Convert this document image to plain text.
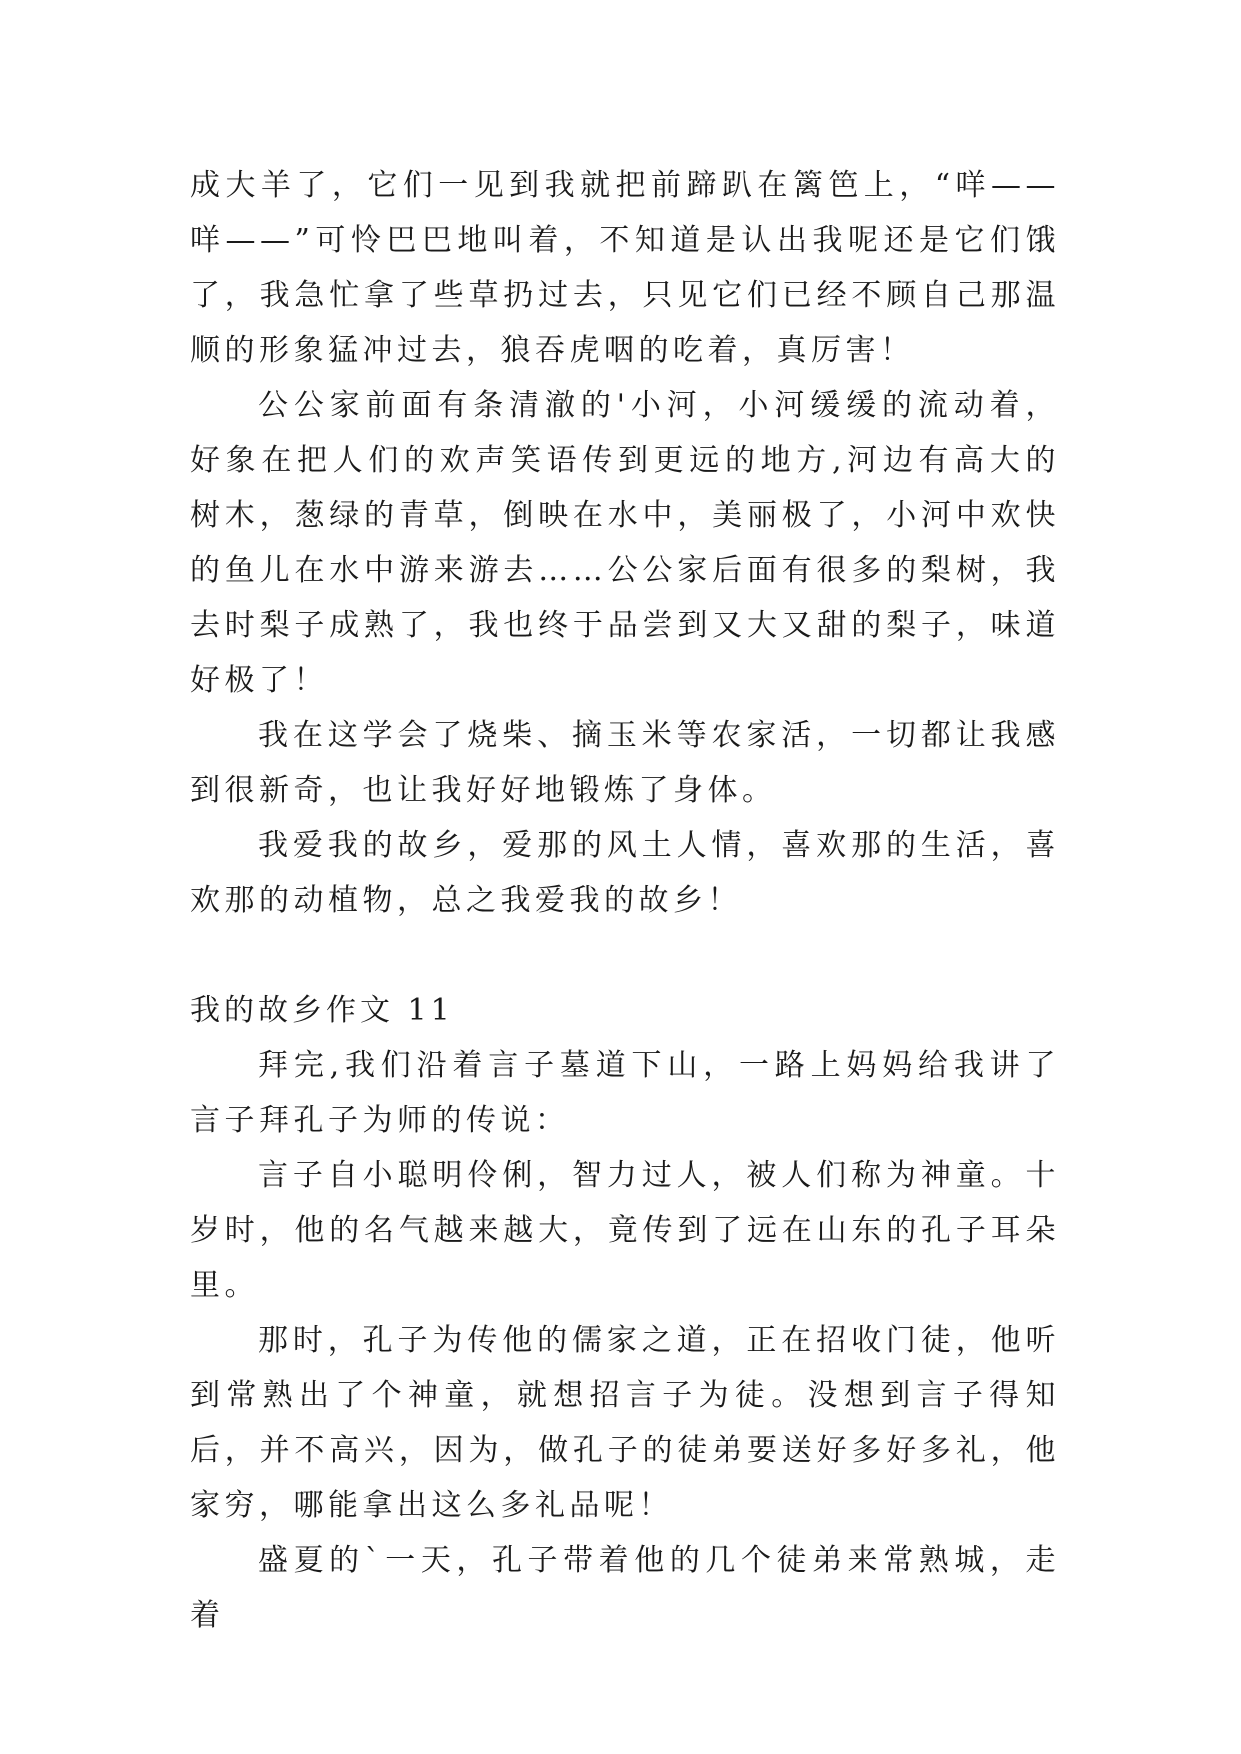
成大羊了，它们一见到我就把前蹄趴在篱笆上，“咩——咩——”可怜巴巴地叫着，不知道是认出我呢还是它们饿了，我急忙拿了些草扔过去，只见它们已经不顾自己那温顺的形象猛冲过去，狼吞虎咽的吃着，真厉害！

公公家前面有条清澈的'小河，小河缓缓的流动着，好象在把人们的欢声笑语传到更远的地方,河边有高大的树木，葱绿的青草，倒映在水中，美丽极了，小河中欢快的鱼儿在水中游来游去……公公家后面有很多的梨树，我去时梨子成熟了，我也终于品尝到又大又甜的梨子，味道好极了！

我在这学会了烧柴、摘玉米等农家活，一切都让我感到很新奇，也让我好好地锻炼了身体。

我爱我的故乡，爱那的风土人情，喜欢那的生活，喜欢那的动植物，总之我爱我的故乡！

我的故乡作文 11

拜完,我们沿着言子墓道下山，一路上妈妈给我讲了言子拜孔子为师的传说：

言子自小聪明伶俐，智力过人，被人们称为神童。十岁时，他的名气越来越大，竟传到了远在山东的孔子耳朵里。

那时，孔子为传他的儒家之道，正在招收门徒，他听到常熟出了个神童，就想招言子为徒。没想到言子得知后，并不高兴，因为，做孔子的徒弟要送好多好多礼，他家穷，哪能拿出这么多礼品呢！

盛夏的`一天，孔子带着他的几个徒弟来常熟城，走着
